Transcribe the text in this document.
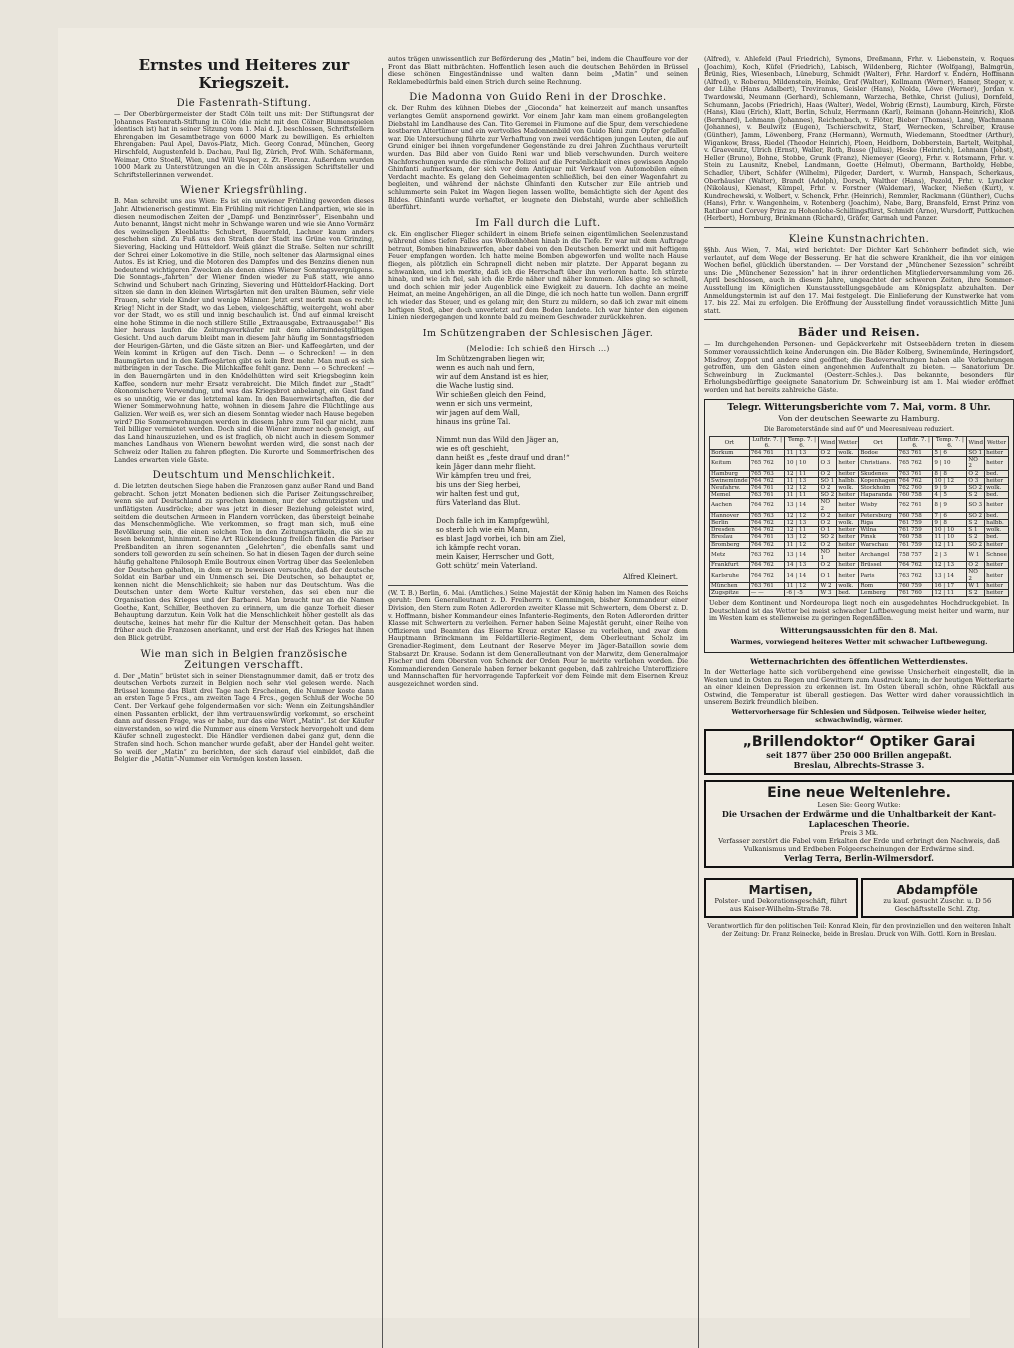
Ernstes und Heiteres zur Kriegszeit.
Die Fastenrath-Stiftung.

— Der Oberbürgermeister der Stadt Cöln teilt uns mit: Der Stiftungsrat der Johannes Fastenrath-Stiftung in Cöln (die nicht mit den Cölner Blumenspielen identisch ist) hat in seiner Sitzung vom 1. Mai d. J. beschlossen, Schriftstellern Ehrengaben im Gesamtbetrage von 6000 Mark zu bewilligen. Es erhielten Ehrengaben: Paul Apel, Davos-Platz, Mich. Georg Conrad, München, Georg Hirschfeld, Augustenfeld b. Dachau, Paul Ilg, Zürich, Prof. Wilh. Schäfermann, Weimar, Otto Stoeßl, Wien, und Will Vesper, z. Zt. Florenz. Außerdem wurden 1000 Mark zu Unterstützungen an die in Cöln ansässigen Schriftsteller und Schriftstellerinnen verwendet.

Wiener Kriegsfrühling.

B. Man schreibt uns aus Wien: Es ist ein unwiener Frühling geworden dieses Jahr. Altwienerisch gestimmt. Ein Frühling mit richtigen Landpartien, wie sie in diesen neumodischen Zeiten der „Dampf- und Benzinrösser“, Eisenbahn und Auto benannt, längst nicht mehr in Schwange waren und wie sie Anno Vormärz des weinseligen Kleeblatts: Schubert, Bauernfeld, Lachner kaum anders geschehen sind. Zu Fuß aus den Straßen der Stadt ins Grüne von Grinzing, Sievering, Hacking und Hütteldorf. Weiß glänzt die Straße. Selten nur schrillt der Schrei einer Lokomotive in die Stille, noch seltener das Alarmsignal eines Autos. Es ist Krieg, und die Motoren des Dampfes und des Benzins dienen nun bedeutend wichtigeren Zwecken als denen eines Wiener Sonntagsvergnügens. Die Sonntags-„fahrten“ der Wiener finden wieder zu Fuß statt, wie anno Schwind und Schubert nach Grinzing, Sievering und Hütteldorf-Hacking. Dort sitzen sie dann in den kleinen Wirtsgärten mit den uralten Bäumen, sehr viele Frauen, sehr viele Kinder und wenige Männer. Jetzt erst merkt man es recht: Krieg! Nicht in der Stadt, wo das Leben, vielgeschäftig, weitergeht, wohl aber vor der Stadt, wo es still und innig beschaulich ist. Und auf einmal kreischt eine hohe Stimme in die noch stillere Stille „Extraausgabe, Extraausgabe!“ Bis hier heraus laufen die Zeitungsverkäufer mit dem allermindestgültigen Gesicht. Und auch darum bleibt man in diesem Jahr häufig im Sonntagsfrieden der Heurigen-Gärten, und die Gäste sitzen an Bier- und Kaffeegärten, und der Wein kommt in Krügen auf den Tisch. Denn — o Schrecken! — in den Baumgärten und in den Kaffeegärten gibt es kein Brot mehr. Man muß es sich mitbringen in der Tasche. Die Milchkaffee fehlt ganz. Denn — o Schrecken! — in den Bauerngärten und in den Knödelhütten wird seit Kriegsbeginn kein Kaffee, sondern nur mehr Ersatz verabreicht. Die Milch findet zur „Stadt“ ökonomischere Verwendung, und was das Kriegsbrot anbelangt, ein Gast fand es so unnötig, wie er das letztemal kam. In den Bauernwirtschaften, die der Wiener Sommerwohnung hatte, wohnen in diesem Jahre die Flüchtlinge aus Galizien. Wer weiß es, wer sich an diesem Sonntag wieder nach Hause begeben wird? Die Sommerwohnungen werden in diesem Jahre zum Teil gar nicht, zum Teil billiger vermietet werden. Doch sind die Wiener immer noch geneigt, auf das Land hinauszuziehen, und es ist fraglich, ob nicht auch in diesem Sommer manches Landhaus von Wienern bewohnt werden wird, die sonst nach der Schweiz oder Italien zu fahren pflegten. Die Kurorte und Sommerfrischen des Landes erwarten viele Gäste.

Deutschtum und Menschlichkeit.

d. Die letzten deutschen Siege haben die Franzosen ganz außer Rand und Band gebracht. Schon jetzt Monaten bedienen sich die Pariser Zeitungsschreiber, wenn sie auf Deutschland zu sprechen kommen, nur der schmutzigsten und unflätigsten Ausdrücke; aber was jetzt in dieser Beziehung geleistet wird, seitdem die deutschen Armeen in Flandern vorrücken, das übersteigt beinahe das Menschenmögliche. Wie verkommen, so fragt man sich, muß eine Bevölkerung sein, die einen solchen Ton in den Zeitungsartikeln, die sie zu lesen bekommt, hinnimmt. Eine Art Rückendeckung freilich finden die Pariser Preßbanditen an ihren sogenannten „Gelehrten“, die ebenfalls samt und sonders toll geworden zu sein scheinen. So hat in diesen Tagen der durch seine häufig gehaltene Philosoph Emile Boutroux einen Vortrag über das Seelenleben der Deutschen gehalten, in dem er zu beweisen versuchte, daß der deutsche Soldat ein Barbar und ein Unmensch sei. Die Deutschen, so behauptet er, kennen nicht die Menschlichkeit; sie haben nur das Deutschtum. Was die Deutschen unter dem Worte Kultur verstehen, das sei eben nur die Organisation des Krieges und der Barbarei. Man braucht nur an die Namen Goethe, Kant, Schiller, Beethoven zu erinnern, um die ganze Torheit dieser Behauptung darzutun. Kein Volk hat die Menschlichkeit höher gestellt als das deutsche, keines hat mehr für die Kultur der Menschheit getan. Das haben früher auch die Franzosen anerkannt, und erst der Haß des Krieges hat ihnen den Blick getrübt.

Wie man sich in Belgien französische Zeitungen verschafft.

d. Der „Matin“ brüstet sich in seiner Dienstagnummer damit, daß er trotz des deutschen Verbots zurzeit in Belgien noch sehr viel gelesen werde. Nach Brüssel komme das Blatt drei Tage nach Erscheinen, die Nummer koste dann an ersten Tage 5 Frcs., am zweiten Tage 4 Frcs., gegen Schluß der Woche 50 Cent. Der Verkauf gehe folgendermaßen vor sich: Wenn ein Zeitungshändler einen Passanten erblickt, der ihm vertrauenswürdig vorkommt, so erscheint dann auf dessen Frage, was er habe, nur das eine Wort „Matin“. Ist der Käufer einverstanden, so wird die Nummer aus einem Versteck hervorgeholt und dem Käufer schnell zugesteckt. Die Händler verdienen dabei ganz gut, denn die Strafen sind hoch. Schon mancher wurde gefaßt, aber der Handel geht weiter. So weiß der „Matin“ zu berichten, der sich darauf viel einbildet, daß die Belgier die „Matin“-Nummer ein Vermögen kosten lassen.

autos trägen unwissentlich zur Beförderung des „Matin“ bei, indem die Chauffeure vor der Front das Blatt mitbrächten. Hoffentlich lesen auch die deutschen Behörden in Brüssel diese schönen Eingeständnisse und walten dann beim „Matin“ und seinen Reklamebedürfnis bald einen Strich durch seine Rechnung.

Die Madonna von Guido Reni in der Droschke.

ck. Der Ruhm des kühnen Diebes der „Gioconda“ hat keinerzeit auf manch unsanftes verlangtes Gemüt anspornend gewirkt. Vor einem Jahr kam man einem großangelegten Diebstahl im Landhause des Can. Tito Geremei in Fiumone auf die Spur, dem verschiedene kostbaren Altertümer und ein wertvolles Madonnenbild von Guido Reni zum Opfer gefallen war. Die Untersuchung führte zur Verhaftung von zwei verdächtigen jungen Leuten, die auf Grund einiger bei ihnen vorgefundener Gegenstände zu drei Jahren Zuchthaus verurteilt wurden. Das Bild aber von Guido Reni war und blieb verschwunden. Durch weitere Nachforschungen wurde die römische Polizei auf die Persönlichkeit eines gewissen Angelo Ghinfanti aufmerksam, der sich vor dem Antiquar mit Verkauf von Automobilen einen Verdacht machte. Es gelang den Geheimagenten schließlich, bei den einer Wagenfahrt zu begleiten, und während der nächste Ghinfanti den Kutscher zur Eile antrieb und schlummerte sein Paket im Wagen liegen lassen wollte, bemächtigte sich der Agent des Bildes. Ghinfanti wurde verhaftet, er leugnete den Diebstahl, wurde aber schließlich überführt.

Im Fall durch die Luft.

ck. Ein englischer Flieger schildert in einem Briefe seinen eigentümlichen Seelenzustand während eines tiefen Falles aus Wolkenhöhen hinab in die Tiefe. Er war mit dem Auftrage betraut, Bomben hinabzuwerfen, aber dabei von den Deutschen bemerkt und mit heftigem Feuer empfangen worden. Ich hatte meine Bomben abgeworfen und wollte nach Hause fliegen, als plötzlich ein Schrapnell dicht neben mir platzte. Der Apparat begann zu schwanken, und ich merkte, daß ich die Herrschaft über ihn verloren hatte. Ich stürzte hinab, und wie ich fiel, sah ich die Erde näher und näher kommen. Alles ging so schnell, und doch schien mir jeder Augenblick eine Ewigkeit zu dauern. Ich dachte an meine Heimat, an meine Angehörigen, an all die Dinge, die ich noch hatte tun wollen. Dann ergriff ich wieder das Steuer, und es gelang mir, den Sturz zu mildern, so daß ich zwar mit einem heftigen Stoß, aber doch unverletzt auf dem Boden landete. Ich war hinter den eigenen Linien niedergegangen und konnte bald zu meinem Geschwader zurückkehren.

Im Schützengraben der Schlesischen Jäger.
(Melodie: Ich schieß den Hirsch ...)
Im Schützengraben liegen wir,
wenn es auch nah und fern,
wir auf dem Anstand ist es hier,
die Wache lustig sind.
Wir schießen gleich den Feind,
wenn er sich uns vermeint,
wir jagen auf dem Wall,
hinaus ins grüne Tal.

Nimmt nun das Wild den Jäger an,
wie es oft geschieht,
dann heißt es „feste drauf und dran!“
kein Jäger dann mehr flieht.
Wir kämpfen treu und frei,
bis uns der Sieg herbei,
wir halten fest und gut,
fürs Vaterland das Blut.

Doch falle ich im Kampfgewühl,
so sterb ich wie ein Mann,
es blast Jagd vorbei, ich bin am Ziel,
ich kämpfe recht voran.
mein Kaiser, Herrscher und Gott,
Gott schütz’ mein Vaterland.
Alfred Kleinert.

(W. T. B.) Berlin, 6. Mai. (Amtliches.) Seine Majestät der König haben im Namen des Reichs geruht: Dem Generalleutnant z. D. Freiherrn v. Gemmingen, bisher Kommandeur einer Division, den Stern zum Roten Adlerorden zweiter Klasse mit Schwertern, dem Oberst z. D. v. Hoffmann, bisher Kommandeur eines Infanterie-Regiments, den Roten Adlerorden dritter Klasse mit Schwertern zu verleihen. Ferner haben Seine Majestät geruht, einer Reihe von Offizieren und Beamten das Eiserne Kreuz erster Klasse zu verleihen, und zwar dem Hauptmann Brinckmann im Feldartillerie-Regiment, dem Oberleutnant Scholz im Grenadier-Regiment, dem Leutnant der Reserve Meyer im Jäger-Bataillon sowie dem Stabsarzt Dr. Krause. Sodann ist dem Generalleutnant von der Marwitz, dem Generalmajor Fischer und dem Obersten von Schenck der Orden Pour le mérite verliehen worden. Die Kommandierenden Generale haben ferner bekannt gegeben, daß zahlreiche Unteroffiziere und Mannschaften für hervorragende Tapferkeit vor dem Feinde mit dem Eisernen Kreuz ausgezeichnet worden sind.

(Alfred), v. Ahlefeld (Paul Friedrich), Symons, Dreßmann, Frhr. v. Liebenstein, v. Roques (Joachim), Koch, Küfel (Friedrich), Labisch, Wildenberg, Richter (Wolfgang), Balmgrün, Brünig, Ries, Wiesenbach, Lüneburg, Schmidt (Walter), Frhr. Hardorf v. Endern, Hoffmann (Alfred), v. Roberau, Mildenstein, Heinke, Graf (Walter), Kollmann (Werner), Hamer, Steger, v. der Lühe (Hans Adalbert), Treviranus, Geisler (Hans), Nolda, Löwe (Werner), Jordan v. Twardowski, Neumann (Gerhard), Schlemann, Warzecha, Bethke, Christ (Julius), Dornfeld, Schumann, Jacobs (Friedrich), Haas (Walter), Wedel, Wobrig (Ernst), Laumburg, Kirch, Förste (Hans), Klau (Erich), Klatt, Berlin, Schulz, Herrmann (Karl), Reimann (Johann-Heinrich), Kloß (Bernhard), Lehmann (Johannes), Reichenbach, v. Flöter, Bieber (Thomas), Lang, Wachmann (Johannes), v. Beulwitz (Eugen), Tschierschwitz, Starf, Wernecken, Schreiber, Krause (Günther), Jamm, Löwenberg, Franz (Hermann), Wermuth, Wiedemann, Stoedtner (Arthur), Wigankow, Brass, Riedel (Theodor Heinrich), Ploen, Heidborn, Dobberstein, Bartelt, Weitphal, v. Graevenitz, Ulrich (Ernst), Waller, Roth, Busse (Julius), Heske (Heinrich), Lehmann (Jobst), Heller (Bruno), Bohne, Stobbe, Grunk (Franz), Niemeyer (Georg), Frhr. v. Rotsmann, Frhr. v. Stein zu Lausnitz, Knebel, Landmann, Goette (Helmut), Obermann, Bartholdy, Hebbe, Schadler, Uibert, Schäfer (Wilhelm), Pilgeder, Dardert, v. Wurmb, Hanspach, Scherkaus, Oberhäusler (Walter), Brandt (Adolph), Dorsch, Walther (Hans), Pezold, Frhr. v. Lyncker (Nikolaus), Kienast, Kümpel, Frhr. v. Forstner (Waldemar), Wacker, Nießen (Kurt), v. Kundrechewski, v. Wolbert, v. Schenck, Frhr. (Heinrich), Remmler, Rackmann (Günther), Cuchs (Hans), Frhr. v. Wangenheim, v. Rotenberg (Joachim), Nabe, Barg, Bransfeld, Ernst Prinz von Ratibor und Corvey Prinz zu Hohenlohe-Schillingsfürst, Schmidt (Arno), Wursdorff, Puttkuchen (Herbert), Hornburg, Brinkmann (Richard), Gräfer, Garmah und Panzer.

Kleine Kunstnachrichten.

§§hb. Aus Wien, 7. Mai, wird berichtet: Der Dichter Karl Schönherr befindet sich, wie verlautet, auf dem Wege der Besserung. Er hat die schwere Krankheit, die ihn vor einigen Wochen befiel, glücklich überstanden. — Der Vorstand der „Münchener Sezession“ schreibt uns: Die „Münchener Sezession“ hat in ihrer ordentlichen Mitgliederversammlung vom 26. April beschlossen, auch in diesem Jahre, ungeachtet der schweren Zeiten, ihre Sommer-Ausstellung im Königlichen Kunstausstellungsgebäude am Königsplatz abzuhalten. Der Anmeldungstermin ist auf den 17. Mai festgelegt. Die Einlieferung der Kunstwerke hat vom 17. bis 22. Mai zu erfolgen. Die Eröffnung der Ausstellung findet voraussichtlich Mitte Juni statt.

Bäder und Reisen.

— Im durchgehenden Personen- und Gepäckverkehr mit Ostseebädern treten in diesem Sommer voraussichtlich keine Änderungen ein. Die Bäder Kolberg, Swinemünde, Heringsdorf, Misdroy, Zoppot und andere sind geöffnet; die Badeverwaltungen haben alle Vorkehrungen getroffen, um den Gästen einen angenehmen Aufenthalt zu bieten. — Sanatorium Dr. Schweinburg in Zuckmantel (Oesterr.-Schles.). Das bekannte, besonders für Erholungsbedürftige geeignete Sanatorium Dr. Schweinburg ist am 1. Mai wieder eröffnet worden und hat bereits zahlreiche Gäste.

Telegr. Witterungsberichte vom 7. Mai, vorm. 8 Uhr.
Von der deutschen Seewarte zu Hamburg.
Die Barometerstände sind auf 0° und Meeresniveau reduziert.
Ort	Luftdr. 7. | 6.	Temp. 7. | 6.	Wind	Wetter	Ort	Luftdr. 7. | 6.	Temp. 7. | 6.	Wind	Wetter
Borkum	764 761	11 | 13	O 2	wolk.	Bodoe	763 761	5 | 6	SO 1	heiter
Keitum	765 762	10 | 10	O 3	heiter	Christians.	765 762	9 | 10	NO 2	heiter
Hamburg	765 763	12 | 11	O 2	heiter	Skudenes	763 761	8 | 8	O 2	bed.
Swinemünde	764 762	11 | 13	SO 1	halbb.	Kopenhagen	764 762	10 | 12	O 3	heiter
Neufahrw.	764 761	12 | 12	O 2	wolk.	Stockholm	762 760	9 | 9	SO 2	wolk.
Memel	763 761	11 | 11	SO 2	heiter	Haparanda	760 758	4 | 5	S 2	bed.
Aachen	764 762	13 | 14	NO 2	heiter	Wisby	762 761	8 | 9	SO 3	heiter
Hannover	765 763	12 | 12	O 2	heiter	Petersburg	760 758	7 | 6	SO 2	bed.
Berlin	764 762	12 | 13	O 2	wolk.	Riga	761 759	9 | 8	S 2	halbb.
Dresden	764 762	12 | 11	O 1	heiter	Wilna	761 759	10 | 10	S 1	wolk.
Breslau	764 761	13 | 12	SO 2	heiter	Pinsk	760 758	11 | 10	S 2	bed.
Bromberg	764 762	11 | 12	O 2	heiter	Warschau	761 759	12 | 11	SO 2	heiter
Metz	763 762	13 | 14	NO 1	heiter	Archangel	758 757	2 | 3	W 1	Schnee
Frankfurt	764 762	14 | 13	O 2	heiter	Brüssel	764 762	12 | 13	O 2	heiter
Karlsruhe	764 762	14 | 14	O 1	heiter	Paris	763 762	13 | 14	NO 2	heiter
München	763 761	11 | 12	W 2	wolk.	Rom	760 759	16 | 17	W 1	heiter
Zugspitze	— —	-6 | -5	W 3	bed.	Lemberg	761 760	12 | 11	S 2	heiter

Ueber dem Kontinent und Nordeuropa liegt noch ein ausgedehntes Hochdruckgebiet. In Deutschland ist das Wetter bei meist schwacher Luftbewegung meist heiter und warm, nur im Westen kam es stellenweise zu geringen Regenfällen.

Witterungsaussichten für den 8. Mai.
Warmes, vorwiegend heiteres Wetter mit schwacher Luftbewegung.
Wetternachrichten des öffentlichen Wetterdienstes.

In der Wetterlage hatte sich vorübergehend eine gewisse Unsicherheit eingestellt, die in Westen und in Osten zu Regen und Gewittern zum Ausdruck kam; in der heutigen Wetterkarte an einer kleinen Depression zu erkennen ist. Im Osten überall schön, ohne Rückfall aus Ostwind, die Temperatur ist überall gestiegen. Das Wetter wird daher voraussichtlich in unserem Bezirk freundlich bleiben.

Wettervorhersage für Schlesien und Südposen. Teilweise wieder heiter, schwachwindig, wärmer.

„Brillendoktor“ Optiker Garai
seit 1877 über 250 000 Brillen angepaßt.
Breslau, Albrechts-Strasse 3.
Eine neue Weltenlehre.
Lesen Sie: Georg Wutke:
Die Ursachen der Erdwärme und die Unhaltbarkeit der Kant-Laplaceschen Theorie.
Preis 3 Mk.
Verfasser zerstört die Fabel vom Erkalten der Erde und erbringt den Nachweis, daß Vulkanismus und Erdbeben Folgeerscheinungen der Erdwärme sind.
Verlag Terra, Berlin-Wilmersdorf.
Martisen,
Polster- und Dekorationsgeschäft, führt aus Kaiser-Wilhelm-Straße 78.
Abdampföle
zu kauf. gesucht Zuschr. u. D 56 Geschäftsstelle Schl. Ztg.

Verantwortlich für den politischen Teil: Konrad Klein, für den provinziellen und den weiteren Inhalt der Zeitung: Dr. Franz Reinecke, beide in Breslau. Druck von Wilh. Gottl. Korn in Breslau.
